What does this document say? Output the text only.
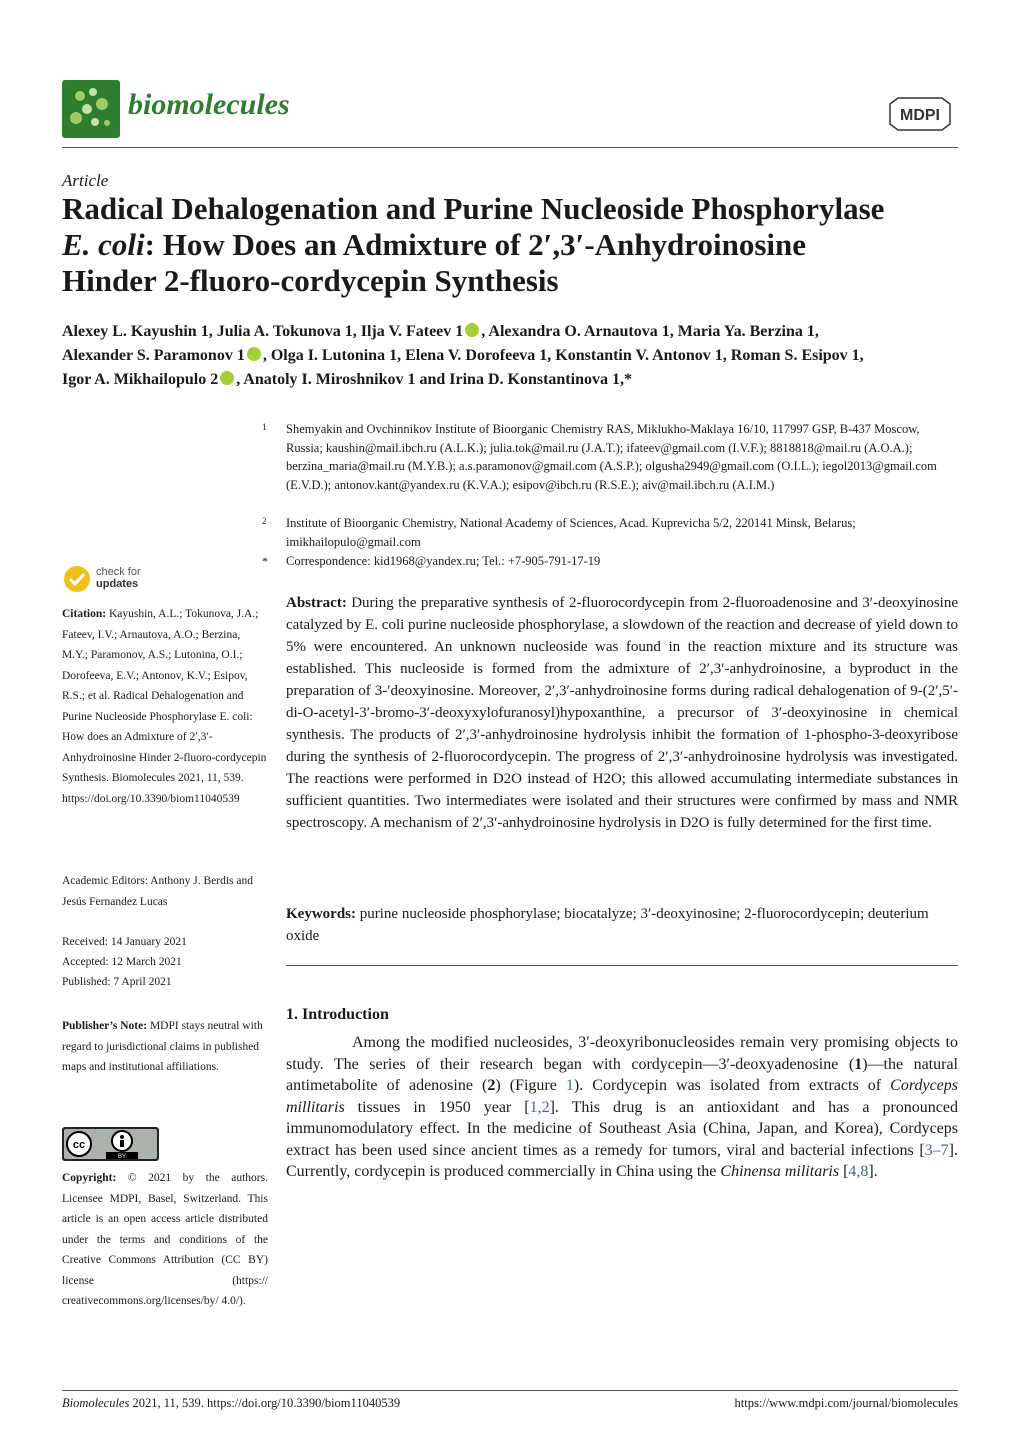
biomolecules	MDPI
Article
Radical Dehalogenation and Purine Nucleoside Phosphorylase
E. coli: How Does an Admixture of 2′,3′-Anhydroinosine
Hinder 2-fluoro-cordycepin Synthesis

Alexey L. Kayushin 1, Julia A. Tokunova 1, Ilja V. Fateev 1 , Alexandra O. Arnautova 1, Maria Ya. Berzina 1,
Alexander S. Paramonov 1 , Olga I. Lutonina 1, Elena V. Dorofeeva 1, Konstantin V. Antonov 1, Roman S. Esipov 1,
Igor A. Mikhailopulo 2 , Anatoly I. Miroshnikov 1 and Irina D. Konstantinova 1,*

1 Shemyakin and Ovchinnikov Institute of Bioorganic Chemistry RAS, Miklukho-Maklaya 16/10, 117997 GSP, B-437 Moscow, Russia; kaushin@mail.ibch.ru (A.L.K.); julia.tok@mail.ru (J.A.T.); ifateev@gmail.com (I.V.F.); 8818818@mail.ru (A.O.A.); berzina_maria@mail.ru (M.Y.B.); a.s.paramonov@gmail.com (A.S.P.); olgusha2949@gmail.com (O.I.L.); iegol2013@gmail.com (E.V.D.); antonov.kant@yandex.ru (K.V.A.); esipov@ibch.ru (R.S.E.); aiv@mail.ibch.ru (A.I.M.)

2 Institute of Bioorganic Chemistry, National Academy of Sciences, Acad. Kuprevicha 5/2, 220141 Minsk, Belarus; imikhailopulo@gmail.com

* Correspondence: kid1968@yandex.ru; Tel.: +7-905-791-17-19

check for
updates

Citation: Kayushin, A.L.; Tokunova, J.A.; Fateev, I.V.; Arnautova, A.O.; Berzina, M.Y.; Paramonov, A.S.; Lutonina, O.I.; Dorofeeva, E.V.; Antonov, K.V.; Esipov, R.S.; et al. Radical Dehalogenation and Purine Nucleoside Phosphorylase E. coli: How does an Admixture of 2′,3′-Anhydroinosine Hinder 2-fluoro-cordycepin Synthesis. Biomolecules 2021, 11, 539. https://doi.org/10.3390/biom11040539

Academic Editors: Anthony J. Berdis and Jesús Fernandez Lucas

Received: 14 January 2021

Accepted: 12 March 2021

Published: 7 April 2021

Publisher’s Note: MDPI stays neutral with regard to jurisdictional claims in published maps and institutional affiliations.

cc
BY

Copyright: © 2021 by the authors. Licensee MDPI, Basel, Switzerland. This article is an open access article distributed under the terms and conditions of the Creative Commons Attribution (CC BY) license (https:// creativecommons.org/licenses/by/ 4.0/).

Abstract: During the preparative synthesis of 2-fluorocordycepin from 2-fluoroadenosine and 3′-deoxyinosine catalyzed by E. coli purine nucleoside phosphorylase, a slowdown of the reaction and decrease of yield down to 5% were encountered. An unknown nucleoside was found in the reaction mixture and its structure was established. This nucleoside is formed from the admixture of 2′,3′-anhydroinosine, a byproduct in the preparation of 3-′deoxyinosine. Moreover, 2′,3′-anhydroinosine forms during radical dehalogenation of 9-(2′,5′-di-O-acetyl-3′-bromo-3′-deoxyxylofuranosyl)hypoxanthine, a precursor of 3′-deoxyinosine in chemical synthesis. The products of 2′,3′-anhydroinosine hydrolysis inhibit the formation of 1-phospho-3-deoxyribose during the synthesis of 2-fluorocordycepin. The progress of 2′,3′-anhydroinosine hydrolysis was investigated. The reactions were performed in D2O instead of H2O; this allowed accumulating intermediate substances in sufficient quantities. Two intermediates were isolated and their structures were confirmed by mass and NMR spectroscopy. A mechanism of 2′,3′-anhydroinosine hydrolysis in D2O is fully determined for the first time.

Keywords: purine nucleoside phosphorylase; biocatalyze; 3′-deoxyinosine; 2-fluorocordycepin; deuterium oxide

1. Introduction

Among the modified nucleosides, 3′-deoxyribonucleosides remain very promising objects to study. The series of their research began with cordycepin—3′-deoxyadenosine (1)—the natural antimetabolite of adenosine (2) (Figure 1). Cordycepin was isolated from extracts of Cordyceps millitaris tissues in 1950 year [1,2]. This drug is an antioxidant and has a pronounced immunomodulatory effect. In the medicine of Southeast Asia (China, Japan, and Korea), Cordyceps extract has been used since ancient times as a remedy for tumors, viral and bacterial infections [3–7]. Currently, cordycepin is produced commercially in China using the Chinensa militaris [4,8].

Biomolecules 2021, 11, 539. https://doi.org/10.3390/biom11040539	https://www.mdpi.com/journal/biomolecules
